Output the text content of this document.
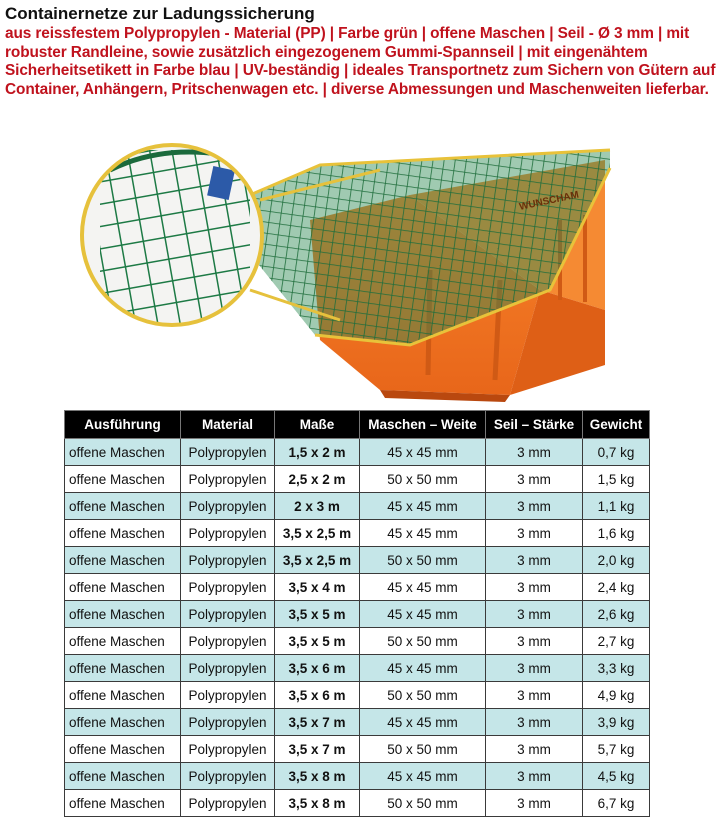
Containernetze zur Ladungssicherung
aus reissfestem Polypropylen - Material (PP) | Farbe grün | offene Maschen | Seil - Ø 3 mm | mit robuster Randleine, sowie zusätzlich eingezogenem Gummi-Spannseil | mit eingenähtem Sicherheitsetikett in Farbe blau | UV-beständig | ideales Transportnetz zum Sichern von Gütern auf Container, Anhängern, Pritschenwagen etc. | diverse Abmessungen und Maschenweiten lieferbar.
WUNSCHAM
Ausführung	Material	Maße	Maschen – Weite	Seil – Stärke	Gewicht
offene Maschen	Polypropylen	1,5 x 2 m	45 x 45 mm	3 mm	0,7 kg
offene Maschen	Polypropylen	2,5 x 2 m	50 x 50 mm	3 mm	1,5 kg
offene Maschen	Polypropylen	2 x 3 m	45 x 45 mm	3 mm	1,1 kg
offene Maschen	Polypropylen	3,5 x 2,5 m	45 x 45 mm	3 mm	1,6 kg
offene Maschen	Polypropylen	3,5 x 2,5 m	50 x 50 mm	3 mm	2,0 kg
offene Maschen	Polypropylen	3,5 x 4 m	45 x 45 mm	3 mm	2,4 kg
offene Maschen	Polypropylen	3,5 x 5 m	45 x 45 mm	3 mm	2,6 kg
offene Maschen	Polypropylen	3,5 x 5 m	50 x 50 mm	3 mm	2,7 kg
offene Maschen	Polypropylen	3,5 x 6 m	45 x 45 mm	3 mm	3,3 kg
offene Maschen	Polypropylen	3,5 x 6 m	50 x 50 mm	3 mm	4,9 kg
offene Maschen	Polypropylen	3,5 x 7 m	45 x 45 mm	3 mm	3,9 kg
offene Maschen	Polypropylen	3,5 x 7 m	50 x 50 mm	3 mm	5,7 kg
offene Maschen	Polypropylen	3,5 x 8 m	45 x 45 mm	3 mm	4,5 kg
offene Maschen	Polypropylen	3,5 x 8 m	50 x 50 mm	3 mm	6,7 kg
